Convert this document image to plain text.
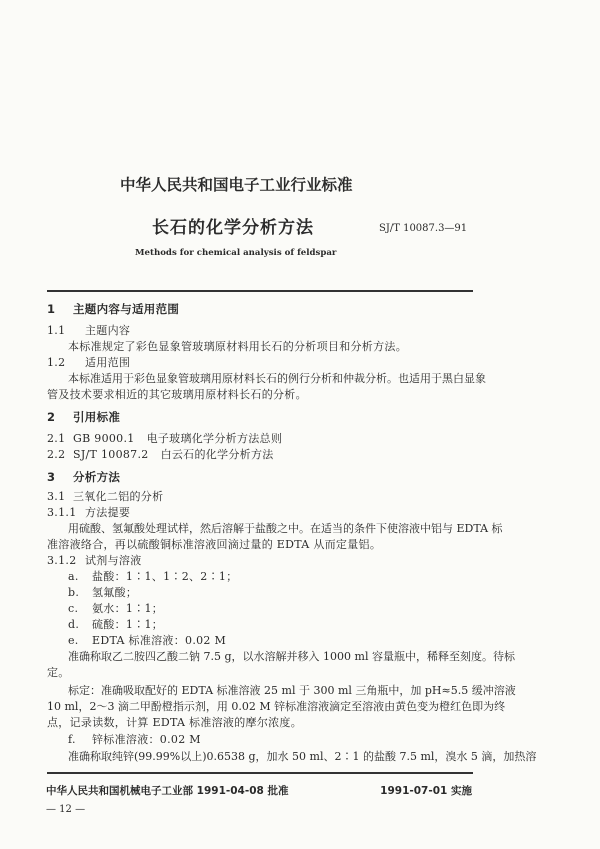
中华人民共和国电子工业行业标准
长石的化学分析方法	SJ/T 10087.3—91
Methods for chemical analysis of feldspar
1 主题内容与适用范围
1.1 主题内容
本标准规定了彩色显象管玻璃原材料用长石的分析项目和分析方法。
1.2 适用范围
本标准适用于彩色显象管玻璃用原材料长石的例行分析和仲裁分析。也适用于黑白显象
管及技术要求相近的其它玻璃用原材料长石的分析。
2 引用标准
2.1 GB 9000.1 电子玻璃化学分析方法总则
2.2 SJ/T 10087.2 白云石的化学分析方法
3 分析方法
3.1 三氧化二铝的分析
3.1.1 方法提要
用硫酸、氢氟酸处理试样，然后溶解于盐酸之中。在适当的条件下使溶液中铝与 EDTA 标
准溶液络合，再以硫酸铜标准溶液回滴过量的 EDTA 从而定量铝。
3.1.2 试剂与溶液
a. 盐酸：1∶1、1∶2、2∶1；
b. 氢氟酸；
c. 氨水：1∶1；
d. 硫酸：1∶1；
e. EDTA 标准溶液：0.02 M
准确称取乙二胺四乙酸二钠 7.5 g，以水溶解并移入 1000 ml 容量瓶中，稀释至刻度。待标
定。
标定：准确吸取配好的 EDTA 标准溶液 25 ml 于 300 ml 三角瓶中，加 pH≈5.5 缓冲溶液
10 ml，2～3 滴二甲酚橙指示剂，用 0.02 M 锌标准溶液滴定至溶液由黄色变为橙红色即为终
点，记录读数，计算 EDTA 标准溶液的摩尔浓度。
f. 锌标准溶液：0.02 M
准确称取纯锌(99.99%以上)0.6538 g，加水 50 ml、2∶1 的盐酸 7.5 ml，溴水 5 滴，加热溶
中华人民共和国机械电子工业部 1991-04-08 批准	1991-07-01 实施
— 12 —
